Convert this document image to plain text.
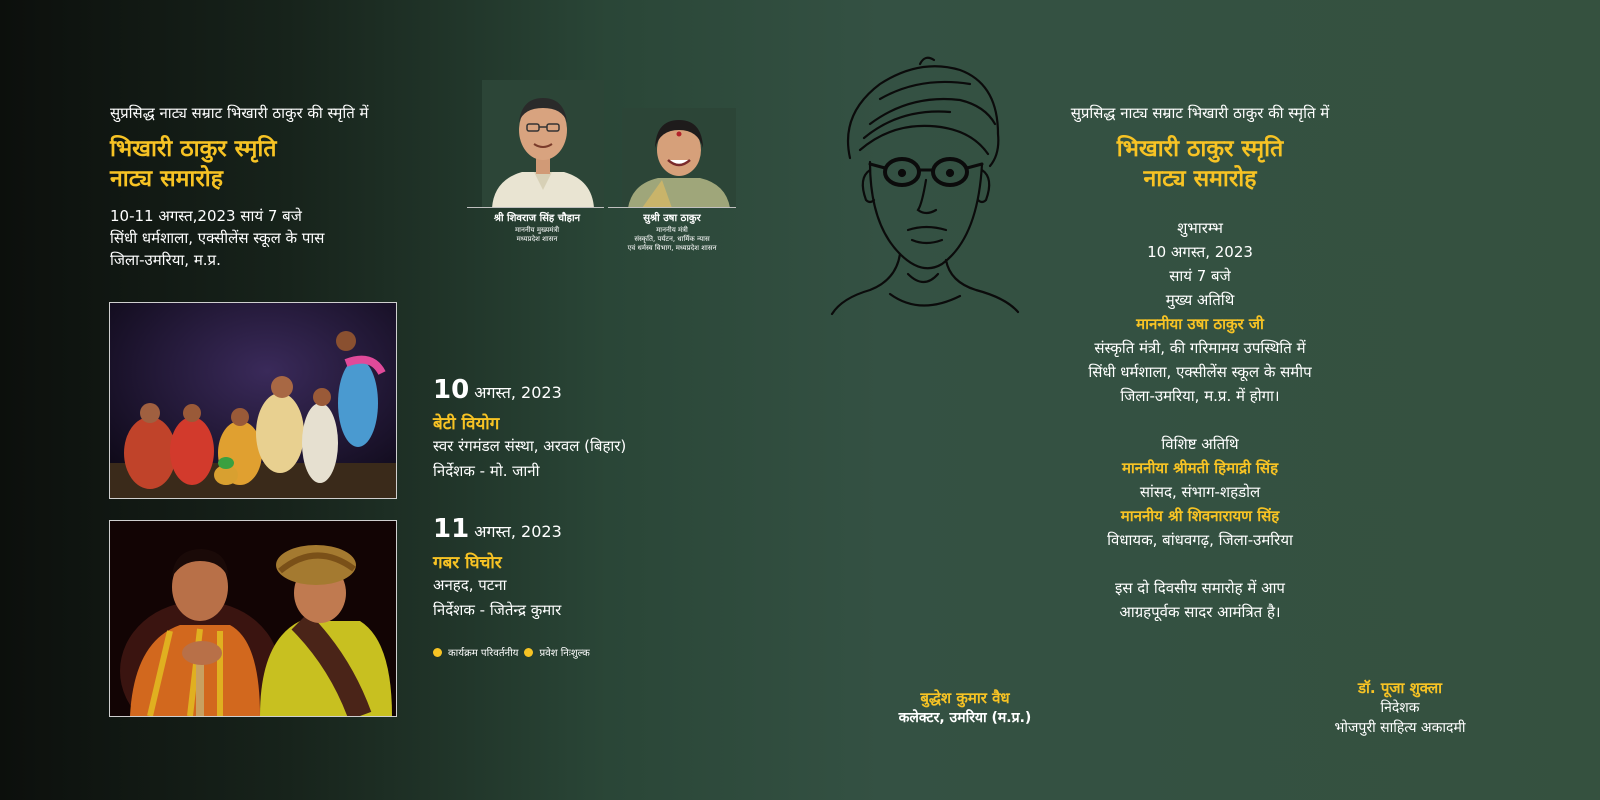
सुप्रसिद्ध नाट्य सम्राट भिखारी ठाकुर की स्मृति में
भिखारी ठाकुर स्मृति
नाट्य समारोह
10-11 अगस्त,2023 सायं 7 बजे
सिंधी धर्मशाला, एक्सीलेंस स्कूल के पास
जिला-उमरिया, म.प्र.
श्री शिवराज सिंह चौहान
माननीय मुख्यमंत्री
मध्यप्रदेश शासन
सुश्री उषा ठाकुर
माननीय मंत्री
संस्कृति, पर्यटन, धार्मिक न्यास
एवं धर्मस्व विभाग, मध्यप्रदेश शासन
10 अगस्त, 2023
बेटी वियोग
स्वर रंगमंडल संस्था, अरवल (बिहार)
निर्देशक - मो. जानी
11 अगस्त, 2023
गबर घिचोर
अनहद, पटना
निर्देशक - जितेन्द्र कुमार
कार्यक्रम परिवर्तनीय प्रवेश निःशुल्क
सुप्रसिद्ध नाट्य सम्राट भिखारी ठाकुर की स्मृति में
भिखारी ठाकुर स्मृति
नाट्य समारोह
शुभारम्भ
10 अगस्त, 2023
सायं 7 बजे
मुख्य अतिथि
माननीया उषा ठाकुर जी
संस्कृति मंत्री, की गरिमामय उपस्थिति में
सिंधी धर्मशाला, एक्सीलेंस स्कूल के समीप
जिला-उमरिया, म.प्र. में होगा।
विशिष्ट अतिथि
माननीया श्रीमती हिमाद्री सिंह
सांसद, संभाग-शहडोल
माननीय श्री शिवनारायण सिंह
विधायक, बांधवगढ़, जिला-उमरिया
इस दो दिवसीय समारोह में आप
आग्रहपूर्वक सादर आमंत्रित है।
बुद्धेश कुमार वैध
कलेक्टर, उमरिया (म.प्र.)
डॉ. पूजा शुक्ला
निदेशक
भोजपुरी साहित्य अकादमी
